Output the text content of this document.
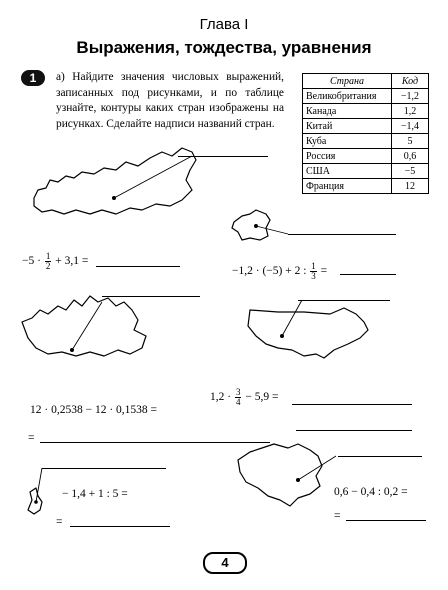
Глава I
Выражения, тождества, уравнения
1	а) Найдите значения числовых выражений, записанных под рисунками, и по таблице узнайте, контуры каких стран изображены на рисунках. Сделайте надписи названий стран.
Страна	Код
Великобритания	−1,2
Канада	1,2
Китай	−1,4
Куба	5
Россия	0,6
США	−5
Франция	12
$-5 \cdot \frac{1}{2} + 3,1$ =
−1,2 · (−5) + 2 : $\frac{1}{3}$ =
$1,2 \cdot \frac{3}{4} - 5,9$ =
12 · 0,2538 − 12 · 0,1538 =
=
− 1,4 + 1 : 5 =
=
0,6 − 0,4 : 0,2 =
=
4
